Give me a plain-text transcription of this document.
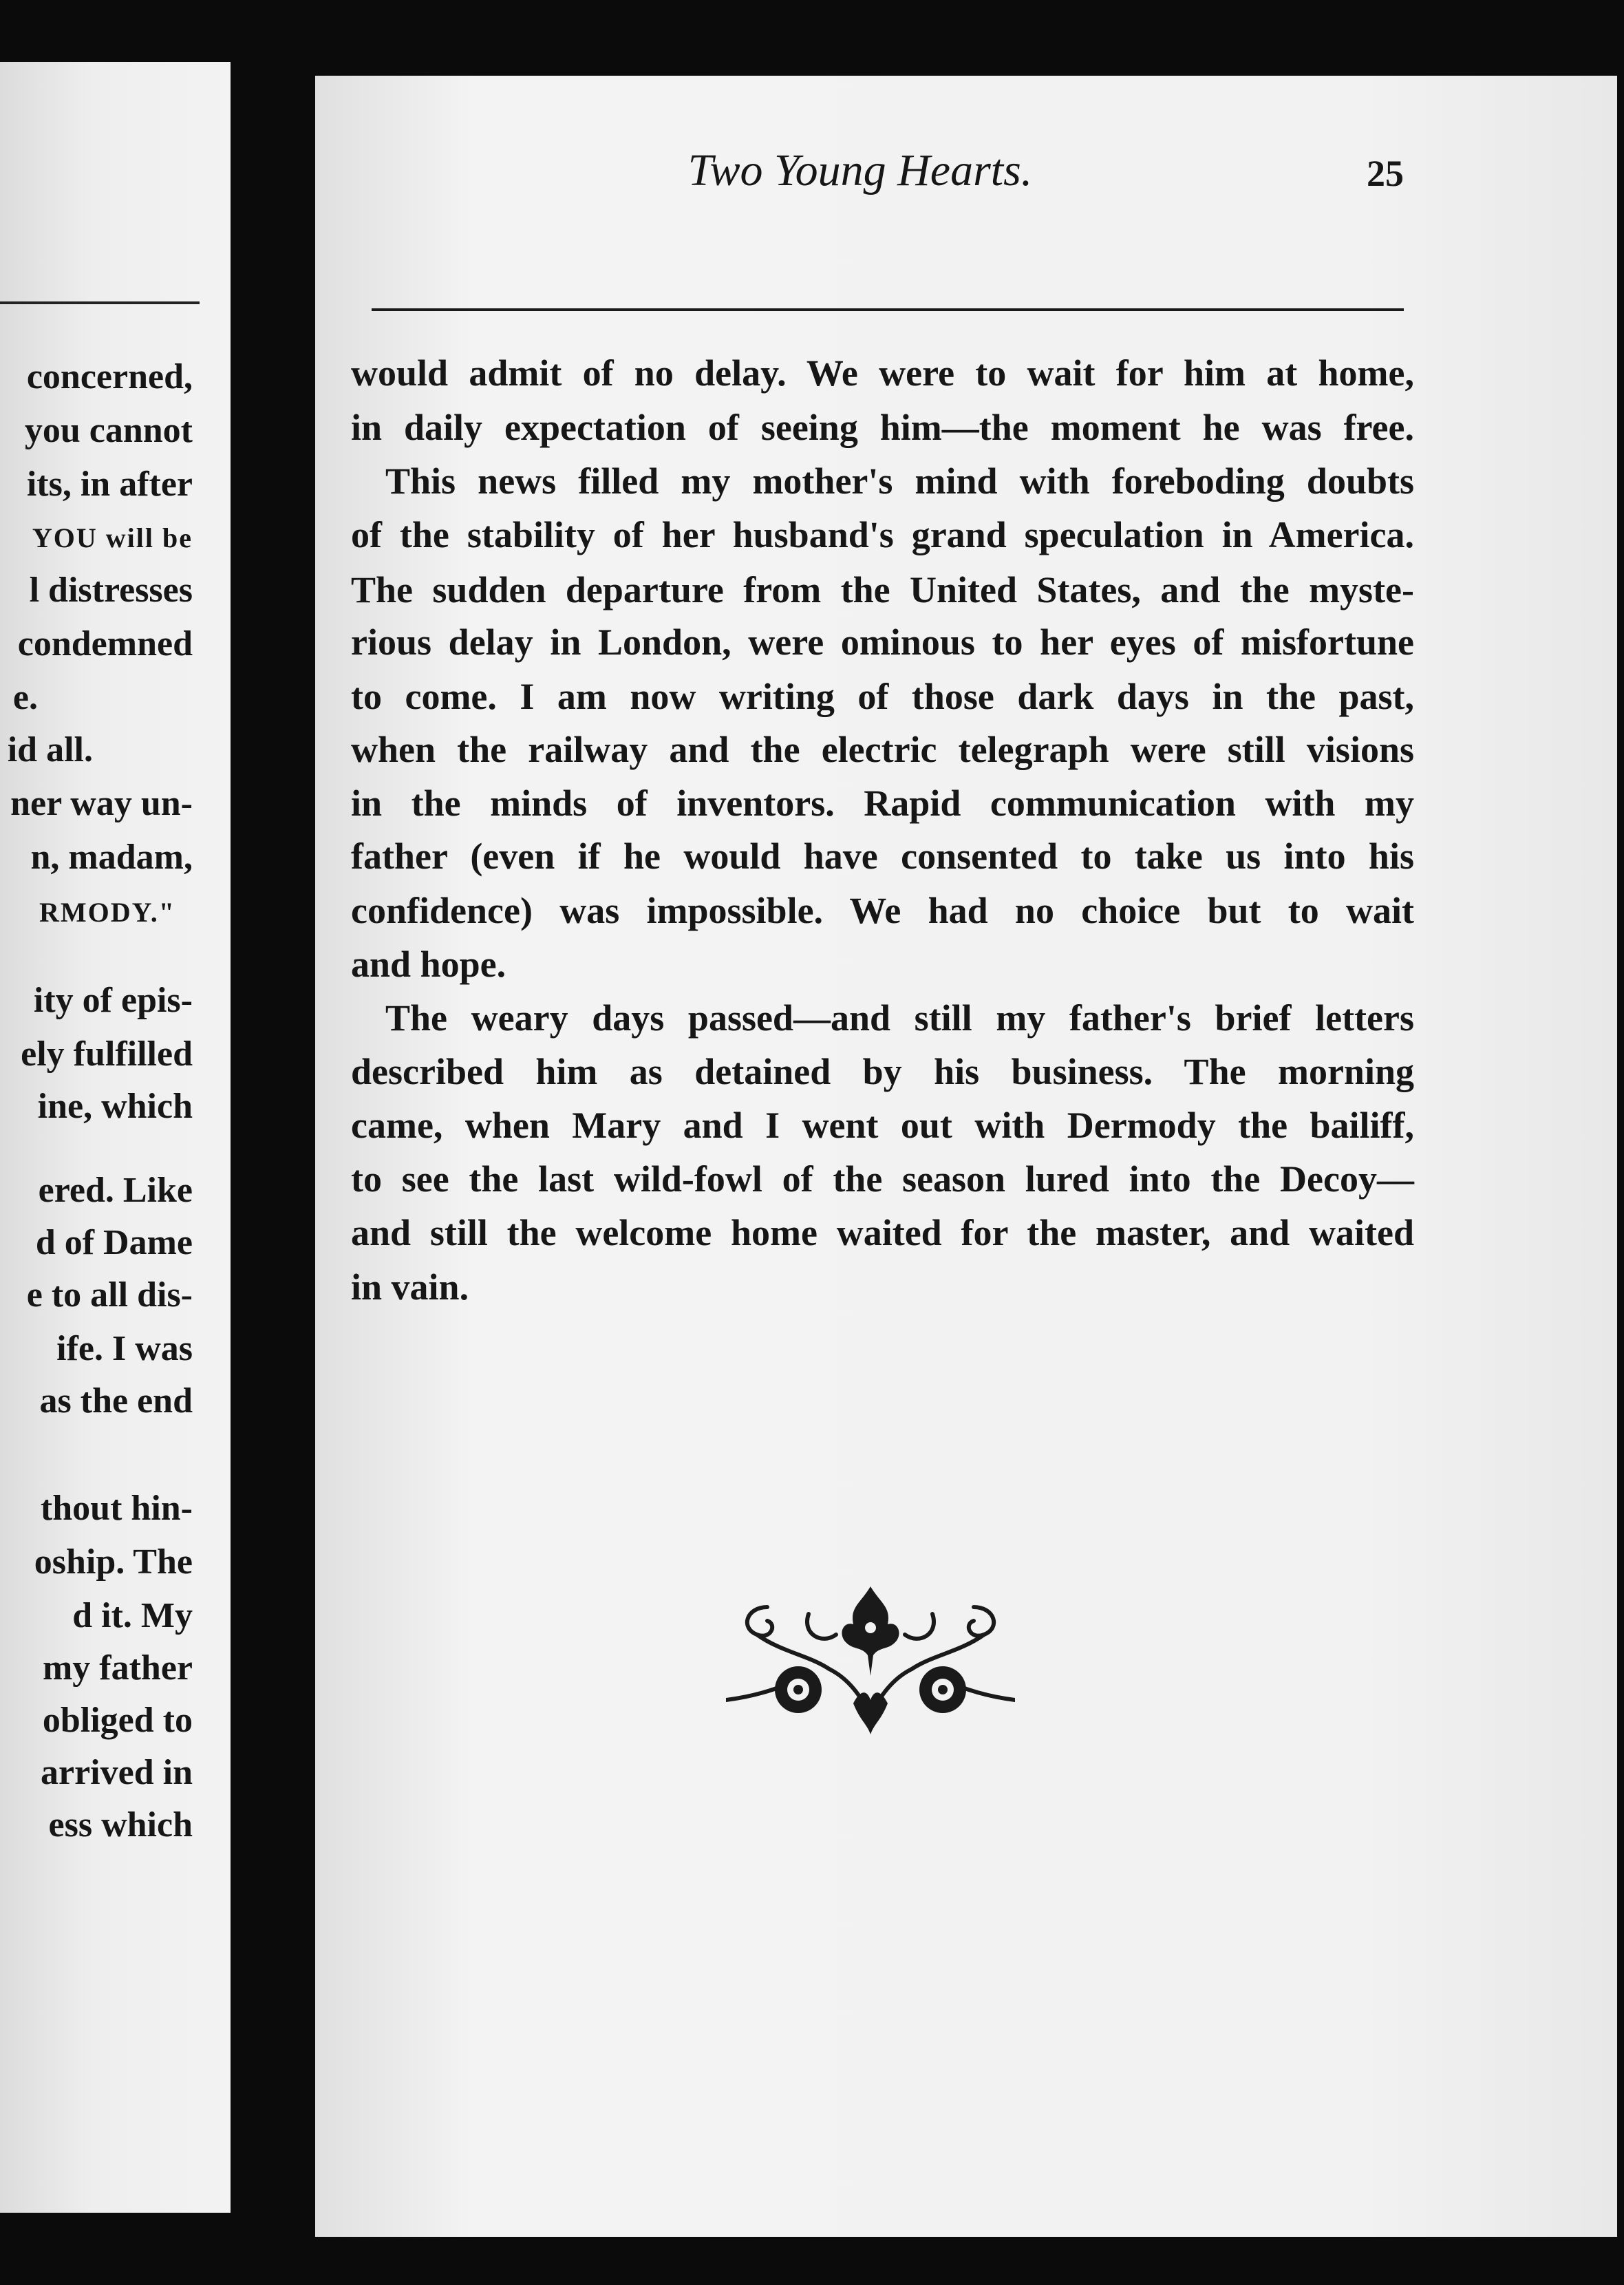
concerned,
you cannot
its, in after
YOU will be
l distresses
condemned
e.
id all.
ner way un-
n, madam,
RMODY."
ity of epis-
ely fulfilled
ine, which
ered. Like
d of Dame
e to all dis-
ife. I was
as the end
thout hin-
oship. The
d it. My
my father
obliged to
arrived in
ess which
Two Young Hearts.	25
would admit of no delay. We were to wait for him at home,
in daily expectation of seeing him—the moment he was free.
This news filled my mother's mind with foreboding doubts
of the stability of her husband's grand speculation in America.
The sudden departure from the United States, and the myste-
rious delay in London, were ominous to her eyes of misfortune
to come. I am now writing of those dark days in the past,
when the railway and the electric telegraph were still visions
in the minds of inventors. Rapid communication with my
father (even if he would have consented to take us into his
confidence) was impossible. We had no choice but to wait
and hope.
The weary days passed—and still my father's brief letters
described him as detained by his business. The morning
came, when Mary and I went out with Dermody the bailiff,
to see the last wild-fowl of the season lured into the Decoy—
and still the welcome home waited for the master, and waited
in vain.
